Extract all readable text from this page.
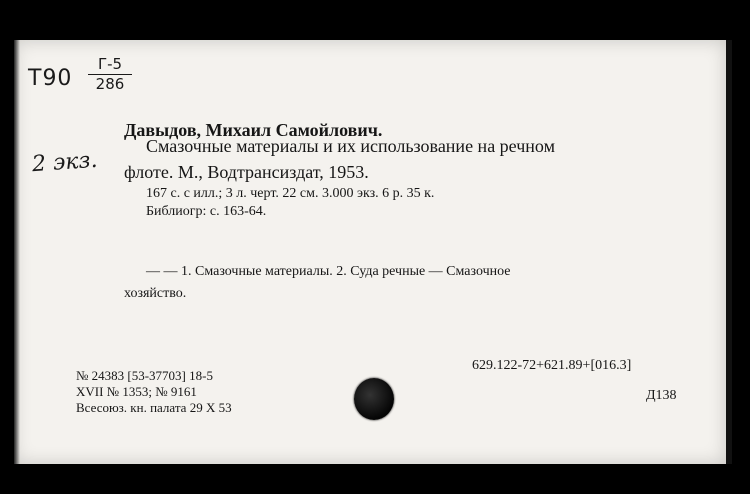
Т90
Г-5
286
2 экз.
Давыдов, Михаил Самойлович.
Смазочные материалы и их использование на речном
флоте. М., Водтрансиздат, 1953.
167 с. с илл.; 3 л. черт. 22 см. 3.000 экз. 6 р. 35 к.
Библиогр: с. 163-64.
— — 1. Смазочные материалы. 2. Суда речные — Смазочное
хозяйство.
№ 24383 [53-37703] 18-5
XVII № 1353; № 9161
Всесоюз. кн. палата 29 X 53
629.122-72+621.89+[016.3]
Д138
